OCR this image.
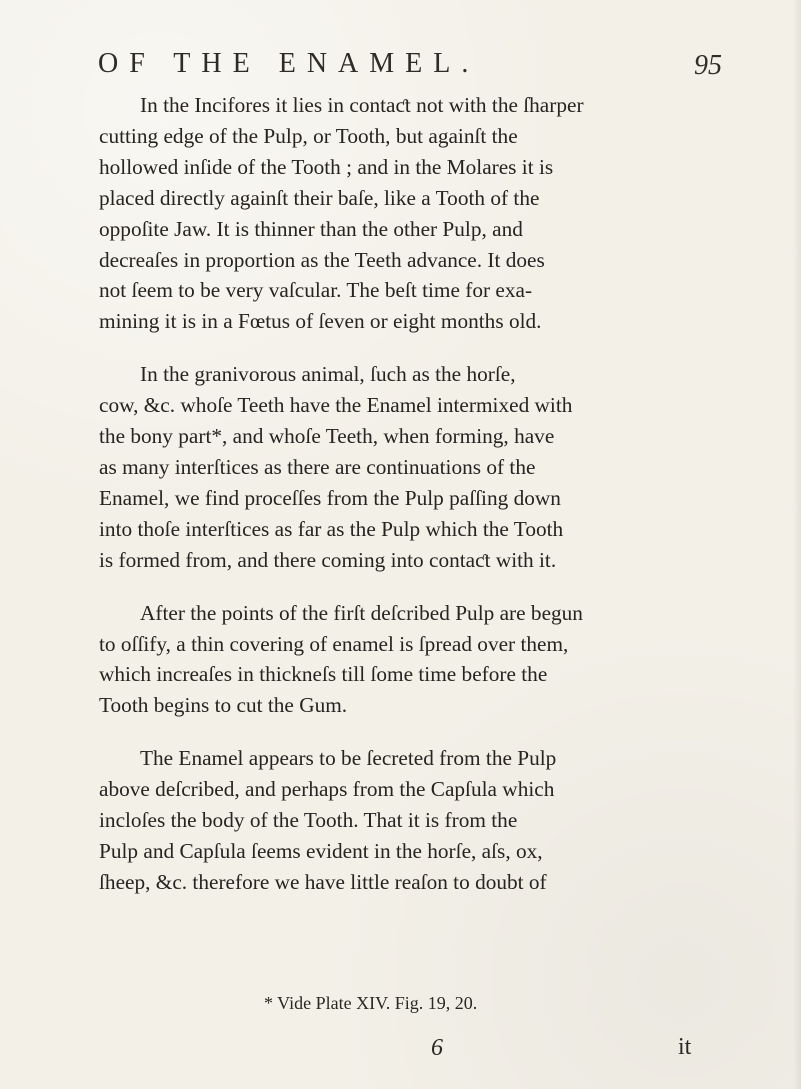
OF THE ENAMEL.	95

In the Incifores it lies in contaƈt not with the ſharper
cutting edge of the Pulp, or Tooth, but againſt the
hollowed inſide of the Tooth ; and in the Molares it is
placed directly againſt their baſe, like a Tooth of the
oppoſite Jaw. It is thinner than the other Pulp, and
decreaſes in proportion as the Teeth advance. It does
not ſeem to be very vaſcular. The beſt time for exa-
mining it is in a Fœtus of ſeven or eight months old.

In the granivorous animal, ſuch as the horſe,
cow, &c. whoſe Teeth have the Enamel intermixed with
the bony part*, and whoſe Teeth, when forming, have
as many interſtices as there are continuations of the
Enamel, we find proceſſes from the Pulp paſſing down
into thoſe interſtices as far as the Pulp which the Tooth
is formed from, and there coming into contaƈt with it.

After the points of the firſt deſcribed Pulp are begun
to oſſify, a thin covering of enamel is ſpread over them,
which increaſes in thickneſs till ſome time before the
Tooth begins to cut the Gum.

The Enamel appears to be ſecreted from the Pulp
above deſcribed, and perhaps from the Capſula which
incloſes the body of the Tooth. That it is from the
Pulp and Capſula ſeems evident in the horſe, aſs, ox,
ſheep, &c. therefore we have little reaſon to doubt of

* Vide Plate XIV. Fig. 19, 20.
6	it
